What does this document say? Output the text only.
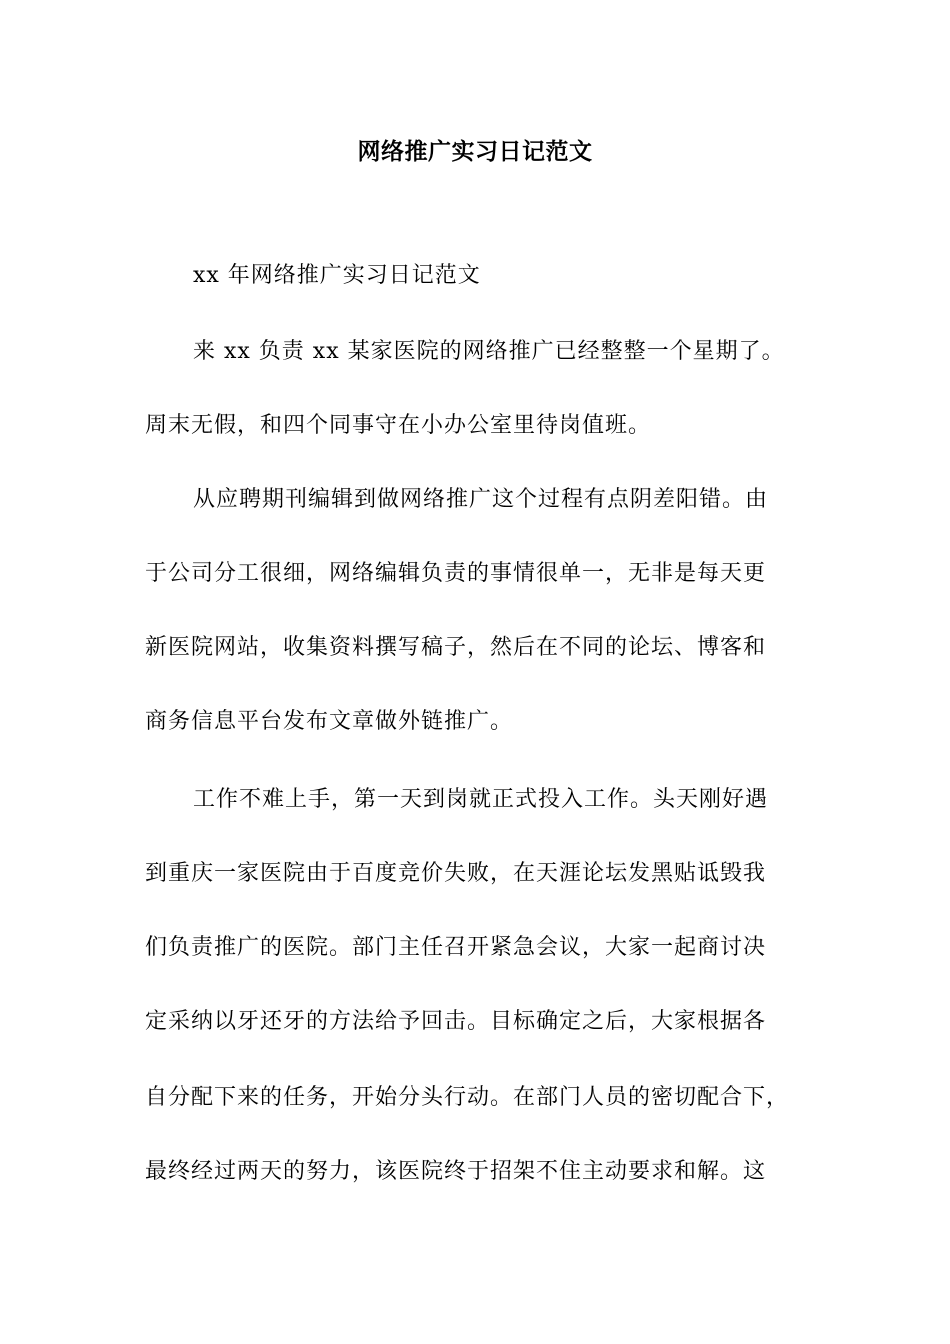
网络推广实习日记范文
xx 年网络推广实习日记范文
来 xx 负责 xx 某家医院的网络推广已经整整一个星期了。
周末无假，和四个同事守在小办公室里待岗值班。
从应聘期刊编辑到做网络推广这个过程有点阴差阳错。由
于公司分工很细，网络编辑负责的事情很单一，无非是每天更
新医院网站，收集资料撰写稿子，然后在不同的论坛、博客和
商务信息平台发布文章做外链推广。
工作不难上手，第一天到岗就正式投入工作。头天刚好遇
到重庆一家医院由于百度竞价失败，在天涯论坛发黑贴诋毁我
们负责推广的医院。部门主任召开紧急会议，大家一起商讨决
定采纳以牙还牙的方法给予回击。目标确定之后，大家根据各
自分配下来的任务，开始分头行动。在部门人员的密切配合下，
最终经过两天的努力，该医院终于招架不住主动要求和解。这
